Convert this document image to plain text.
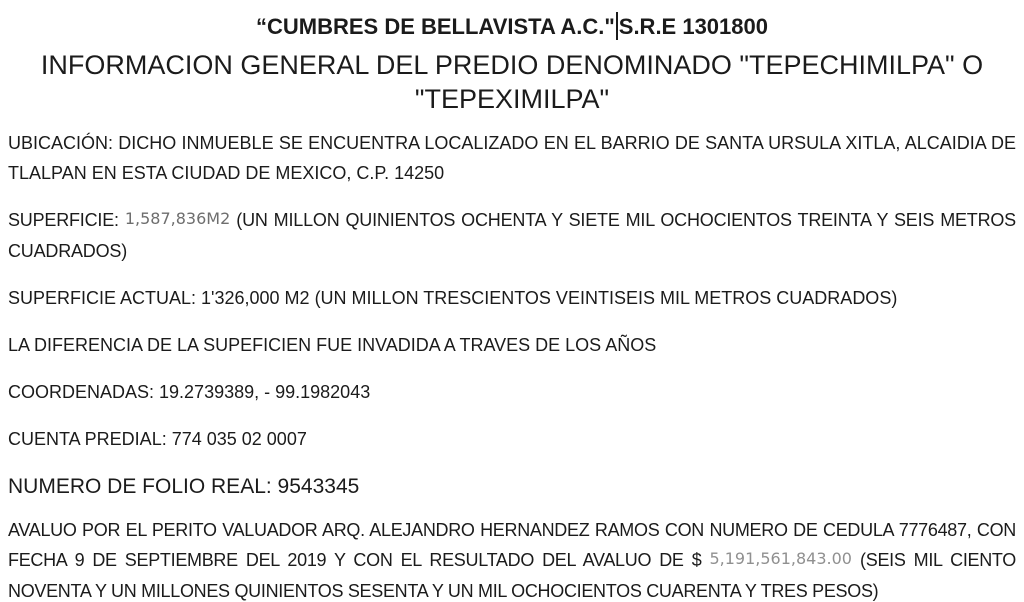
“CUMBRES DE BELLAVISTA A.C." S.R.E 1301800
INFORMACION GENERAL DEL PREDIO DENOMINADO "TEPECHIMILPA" O "TEPEXIMILPA"

UBICACIÓN: DICHO INMUEBLE SE ENCUENTRA LOCALIZADO EN EL BARRIO DE SANTA URSULA XITLA, ALCAIDIA DE TLALPAN EN ESTA CIUDAD DE MEXICO, C.P. 14250

SUPERFICIE: 1,587,836M2 (UN MILLON QUINIENTOS OCHENTA Y SIETE MIL OCHOCIENTOS TREINTA Y SEIS METROS CUADRADOS)

SUPERFICIE ACTUAL: 1'326,000 M2 (UN MILLON TRESCIENTOS VEINTISEIS MIL METROS CUADRADOS)

LA DIFERENCIA DE LA SUPEFICIEN FUE INVADIDA A TRAVES DE LOS AÑOS

COORDENADAS: 19.2739389, - 99.1982043

CUENTA PREDIAL: 774 035 02 0007

NUMERO DE FOLIO REAL: 9543345

AVALUO POR EL PERITO VALUADOR ARQ. ALEJANDRO HERNANDEZ RAMOS CON NUMERO DE CEDULA 7776487, CON FECHA 9 DE SEPTIEMBRE DEL 2019 Y CON EL RESULTADO DEL AVALUO DE $ 5,191,561,843.00 (SEIS MIL CIENTO NOVENTA Y UN MILLONES QUINIENTOS SESENTA Y UN MIL OCHOCIENTOS CUARENTA Y TRES PESOS)
